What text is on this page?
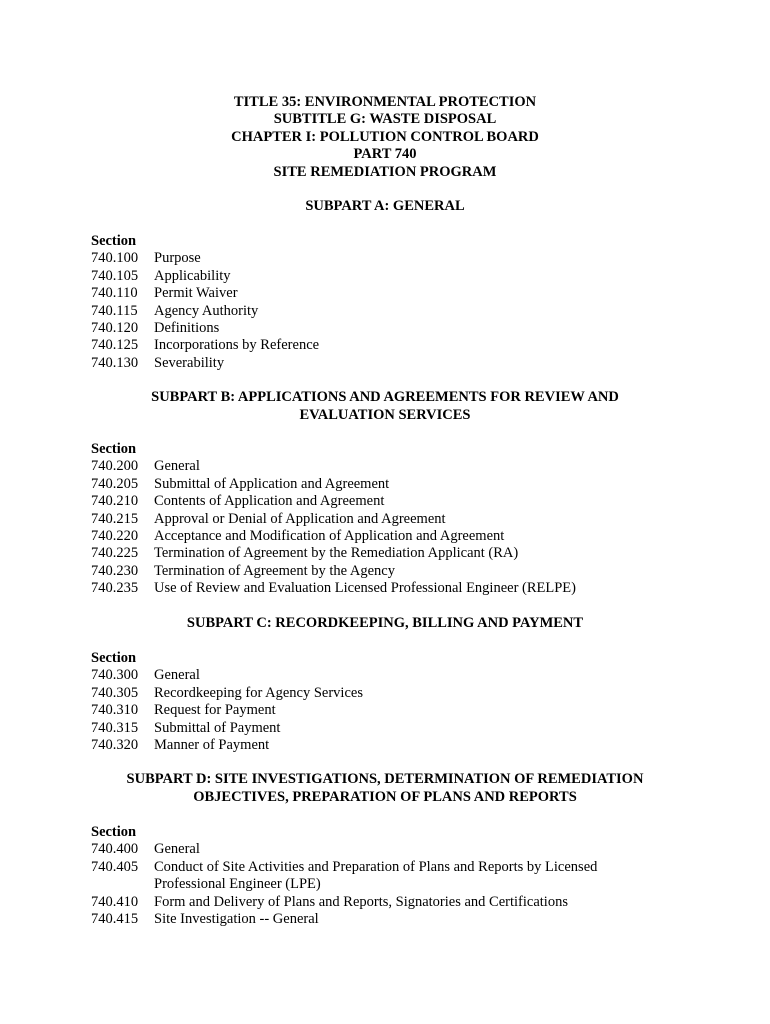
TITLE 35: ENVIRONMENTAL PROTECTION
SUBTITLE G: WASTE DISPOSAL
CHAPTER I: POLLUTION CONTROL BOARD
PART 740
SITE REMEDIATION PROGRAM
SUBPART A: GENERAL
Section
740.100	Purpose
740.105	Applicability
740.110	Permit Waiver
740.115	Agency Authority
740.120	Definitions
740.125	Incorporations by Reference
740.130	Severability
SUBPART B: APPLICATIONS AND AGREEMENTS FOR REVIEW AND
EVALUATION SERVICES
Section
740.200	General
740.205	Submittal of Application and Agreement
740.210	Contents of Application and Agreement
740.215	Approval or Denial of Application and Agreement
740.220	Acceptance and Modification of Application and Agreement
740.225	Termination of Agreement by the Remediation Applicant (RA)
740.230	Termination of Agreement by the Agency
740.235	Use of Review and Evaluation Licensed Professional Engineer (RELPE)
SUBPART C: RECORDKEEPING, BILLING AND PAYMENT
Section
740.300	General
740.305	Recordkeeping for Agency Services
740.310	Request for Payment
740.315	Submittal of Payment
740.320	Manner of Payment
SUBPART D: SITE INVESTIGATIONS, DETERMINATION OF REMEDIATION
OBJECTIVES, PREPARATION OF PLANS AND REPORTS
Section
740.400	General
740.405	Conduct of Site Activities and Preparation of Plans and Reports by Licensed
Professional Engineer (LPE)
740.410	Form and Delivery of Plans and Reports, Signatories and Certifications
740.415	Site Investigation -- General
